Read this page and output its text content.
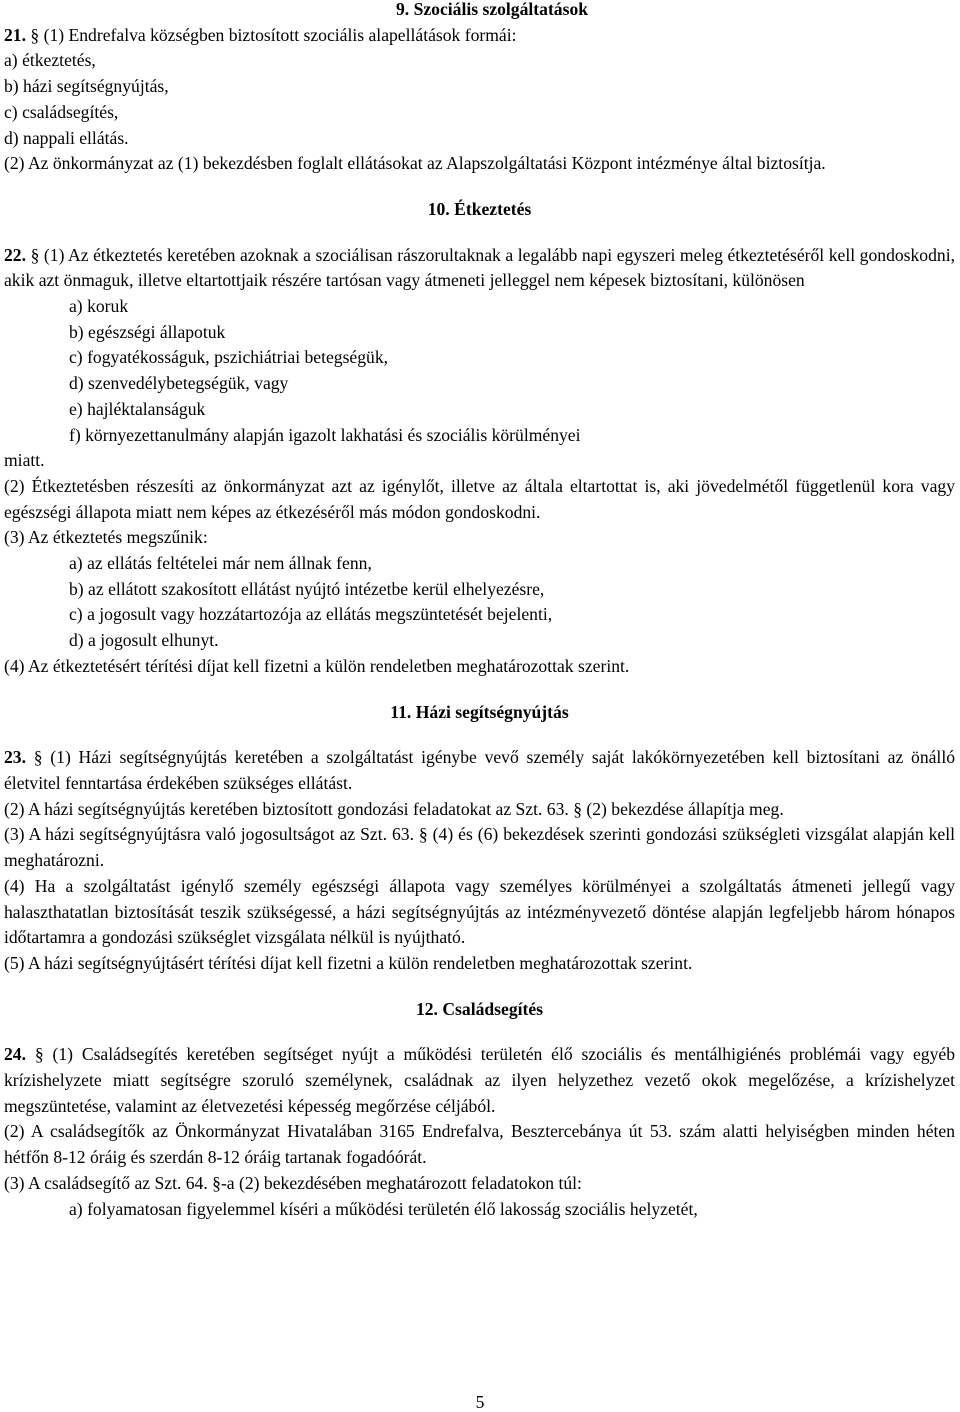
9. Szociális szolgáltatások

21. § (1) Endrefalva községben biztosított szociális alapellátások formái:

a) étkeztetés,

b) házi segítségnyújtás,

c) családsegítés,

d) nappali ellátás.

(2) Az önkormányzat az (1) bekezdésben foglalt ellátásokat az Alapszolgáltatási Központ intézménye által biztosítja.

10. Étkeztetés

22. § (1) Az étkeztetés keretében azoknak a szociálisan rászorultaknak a legalább napi egyszeri meleg étkeztetéséről kell gondoskodni, akik azt önmaguk, illetve eltartottjaik részére tartósan vagy átmeneti jelleggel nem képesek biztosítani, különösen

a) koruk

b) egészségi állapotuk

c) fogyatékosságuk, pszichiátriai betegségük,

d) szenvedélybetegségük, vagy

e) hajléktalanságuk

f) környezettanulmány alapján igazolt lakhatási és szociális körülményei

miatt.

(2) Étkeztetésben részesíti az önkormányzat azt az igénylőt, illetve az általa eltartottat is, aki jövedelmétől függetlenül kora vagy egészségi állapota miatt nem képes az étkezéséről más módon gondoskodni.

(3) Az étkeztetés megszűnik:

a) az ellátás feltételei már nem állnak fenn,

b) az ellátott szakosított ellátást nyújtó intézetbe kerül elhelyezésre,

c) a jogosult vagy hozzátartozója az ellátás megszüntetését bejelenti,

d) a jogosult elhunyt.

(4) Az étkeztetésért térítési díjat kell fizetni a külön rendeletben meghatározottak szerint.

11. Házi segítségnyújtás

23. § (1) Házi segítségnyújtás keretében a szolgáltatást igénybe vevő személy saját lakókörnyezetében kell biztosítani az önálló életvitel fenntartása érdekében szükséges ellátást.

(2) A házi segítségnyújtás keretében biztosított gondozási feladatokat az Szt. 63. § (2) bekezdése állapítja meg.

(3) A házi segítségnyújtásra való jogosultságot az Szt. 63. § (4) és (6) bekezdések szerinti gondozási szükségleti vizsgálat alapján kell meghatározni.

(4) Ha a szolgáltatást igénylő személy egészségi állapota vagy személyes körülményei a szolgáltatás átmeneti jellegű vagy halaszthatatlan biztosítását teszik szükségessé, a házi segítségnyújtás az intézményvezető döntése alapján legfeljebb három hónapos időtartamra a gondozási szükséglet vizsgálata nélkül is nyújtható.

(5) A házi segítségnyújtásért térítési díjat kell fizetni a külön rendeletben meghatározottak szerint.

12. Családsegítés

24. § (1) Családsegítés keretében segítséget nyújt a működési területén élő szociális és mentálhigiénés problémái vagy egyéb krízishelyzete miatt segítségre szoruló személynek, családnak az ilyen helyzethez vezető okok megelőzése, a krízishelyzet megszüntetése, valamint az életvezetési képesség megőrzése céljából.

(2) A családsegítők az Önkormányzat Hivatalában 3165 Endrefalva, Besztercebánya út 53. szám alatti helyiségben minden héten hétfőn 8-12 óráig és szerdán 8-12 óráig tartanak fogadóórát.

(3) A családsegítő az Szt. 64. §-a (2) bekezdésében meghatározott feladatokon túl:

a) folyamatosan figyelemmel kíséri a működési területén élő lakosság szociális helyzetét,

5
